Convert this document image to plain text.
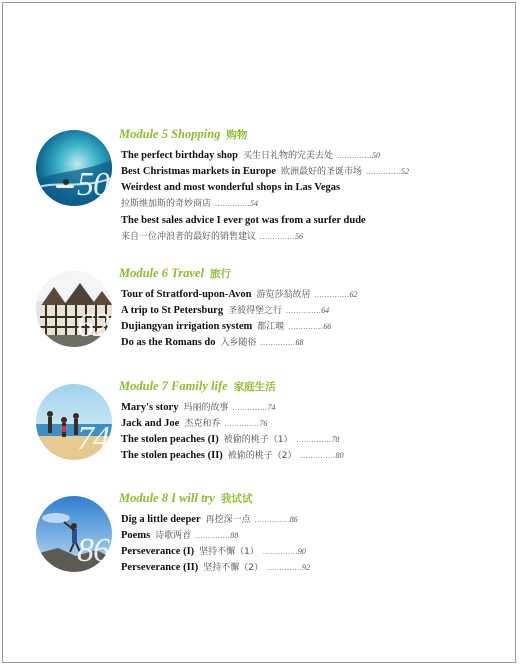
50
Module 5 Shopping 购物
The perfect birthday shop 买生日礼物的完美去处 ..............50
Best Christmas markets in Europe 欧洲最好的圣诞市场 ..............52
Weirdest and most wonderful shops in Las Vegas
拉斯维加斯的奇妙商店 ..............54
The best sales advice I ever got was from a surfer dude
来自一位冲浪者的最好的销售建议 ..............56
62
Module 6 Travel 旅行
Tour of Stratford-upon-Avon 游览莎翁故居 ..............62
A trip to St Petersburg 圣彼得堡之行 ..............64
Dujiangyan irrigation system 都江堰 ..............66
Do as the Romans do 入乡随俗 ..............68
74
Module 7 Family life 家庭生活
Mary's story 玛丽的故事 ..............74
Jack and Joe 杰克和乔 ..............76
The stolen peaches (I) 被偷的桃子（1） ..............78
The stolen peaches (II) 被偷的桃子（2） ..............80
86
Module 8 I will try 我试试
Dig a little deeper 再挖深一点 ..............86
Poems 诗歌两首 ..............88
Perseverance (I) 坚持不懈（1） ..............90
Perseverance (II) 坚持不懈（2） ..............92
